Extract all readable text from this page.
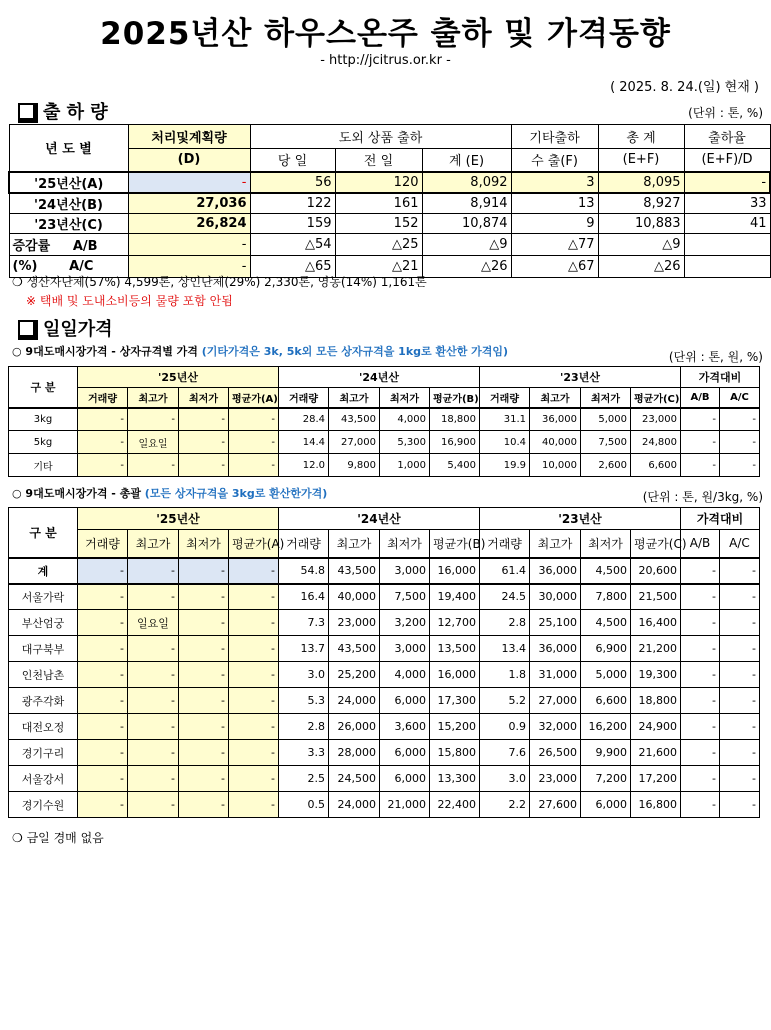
2025년산 하우스온주 출하 및 가격동향
- http://jcitrus.or.kr -
( 2025. 8. 24.(일) 현재 )
출 하 량	(단위 : 톤, %)
년 도 별	처리및계획량	도외 상품 출하			기타출하	총 계	출하율
	(D)	당 일	전 일	계 (E)	수 출(F)	(E+F)	(E+F)/D
'25년산(A)	-	56	120	8,092	3	8,095	-
'24년산(B)	27,036	122	161	8,914	13	8,927	33
'23년산(C)	26,824	159	152	10,874	9	10,883	41
증감률 A/B	-	△54	△25	△9	△77	△9	
(%) A/C	-	△65	△21	△26	△67	△26	
❍ 생산자단체(57%) 4,599톤, 상인단체(29%) 2,330톤, 영농(14%) 1,161톤
※ 택배 및 도내소비등의 물량 포함 안됨
일일가격
○ 9대도매시장가격 - 상자규격별 가격 (기타가격은 3k, 5k외 모든 상자규격을 1kg로 환산한 가격임)	(단위 : 톤, 원, %)
구 분	'25년산				'24년산				'23년산				가격대비	
	거래량	최고가	최저가	평균가(A)	거래량	최고가	최저가	평균가(B)	거래량	최고가	최저가	평균가(C)	A/B	A/C
3kg	-	-	-	-	28.4	43,500	4,000	18,800	31.1	36,000	5,000	23,000	-	-
5kg	-	일요일	-	-	14.4	27,000	5,300	16,900	10.4	40,000	7,500	24,800	-	-
기타	-	-	-	-	12.0	9,800	1,000	5,400	19.9	10,000	2,600	6,600	-	-
○ 9대도매시장가격 - 총괄 (모든 상자규격을 3kg로 환산한가격)	(단위 : 톤, 원/3kg, %)
구 분	'25년산				'24년산				'23년산				가격대비	
	거래량	최고가	최저가	평균가(A)	거래량	최고가	최저가	평균가(B)	거래량	최고가	최저가	평균가(C)	A/B	A/C
계	-	-	-	-	54.8	43,500	3,000	16,000	61.4	36,000	4,500	20,600	-	-
서울가락	-	-	-	-	16.4	40,000	7,500	19,400	24.5	30,000	7,800	21,500	-	-
부산엄궁	-	일요일	-	-	7.3	23,000	3,200	12,700	2.8	25,100	4,500	16,400	-	-
대구북부	-	-	-	-	13.7	43,500	3,000	13,500	13.4	36,000	6,900	21,200	-	-
인천남촌	-	-	-	-	3.0	25,200	4,000	16,000	1.8	31,000	5,000	19,300	-	-
광주각화	-	-	-	-	5.3	24,000	6,000	17,300	5.2	27,000	6,600	18,800	-	-
대전오정	-	-	-	-	2.8	26,000	3,600	15,200	0.9	32,000	16,200	24,900	-	-
경기구리	-	-	-	-	3.3	28,000	6,000	15,800	7.6	26,500	9,900	21,600	-	-
서울강서	-	-	-	-	2.5	24,500	6,000	13,300	3.0	23,000	7,200	17,200	-	-
경기수원	-	-	-	-	0.5	24,000	21,000	22,400	2.2	27,600	6,000	16,800	-	-
❍ 금일 경매 없음
